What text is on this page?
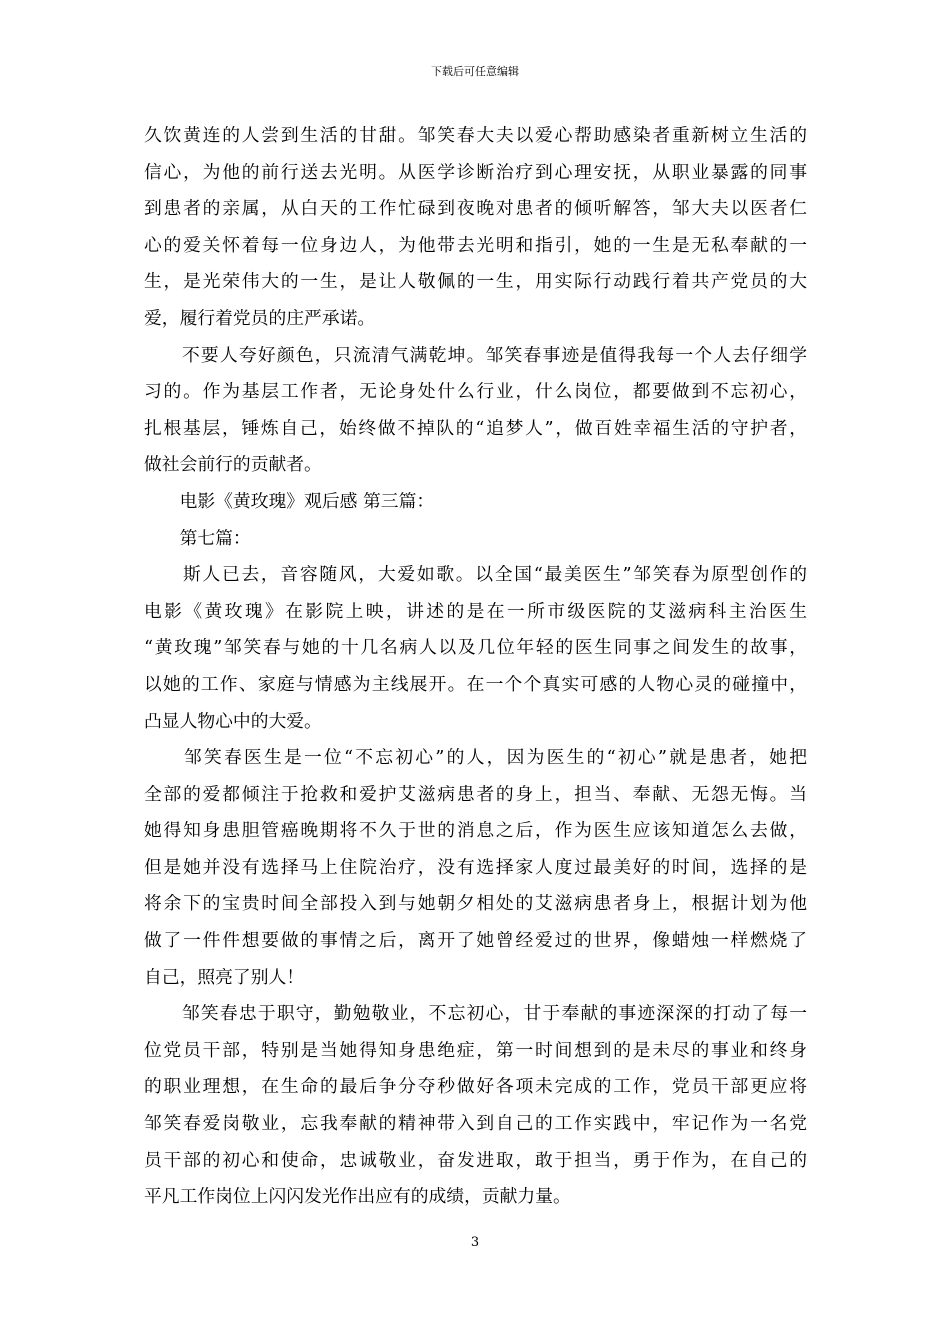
下载后可任意编辑
久饮黄连的人尝到生活的甘甜。邹笑春大夫以爱心帮助感染者重新树立生活的
信心，为他的前行送去光明。从医学诊断治疗到心理安抚，从职业暴露的同事
到患者的亲属，从白天的工作忙碌到夜晚对患者的倾听解答，邹大夫以医者仁
心的爱关怀着每一位身边人，为他带去光明和指引，她的一生是无私奉献的一
生，是光荣伟大的一生，是让人敬佩的一生，用实际行动践行着共产党员的大
爱，履行着党员的庄严承诺。
　　不要人夸好颜色，只流清气满乾坤。邹笑春事迹是值得我每一个人去仔细学
习的。作为基层工作者，无论身处什么行业，什么岗位，都要做到不忘初心，
扎根基层，锤炼自己，始终做不掉队的“追梦人”，做百姓幸福生活的守护者，
做社会前行的贡献者。
　　电影《黄玫瑰》观后感 第三篇：
　　第七篇：
　　斯人已去，音容随风，大爱如歌。以全国“最美医生”邹笑春为原型创作的
电影《黄玫瑰》在影院上映，讲述的是在一所市级医院的艾滋病科主治医生
“黄玫瑰”邹笑春与她的十几名病人以及几位年轻的医生同事之间发生的故事，
以她的工作、家庭与情感为主线展开。在一个个真实可感的人物心灵的碰撞中，
凸显人物心中的大爱。
　　邹笑春医生是一位“不忘初心”的人，因为医生的“初心”就是患者，她把
全部的爱都倾注于抢救和爱护艾滋病患者的身上，担当、奉献、无怨无悔。当
她得知身患胆管癌晚期将不久于世的消息之后，作为医生应该知道怎么去做，
但是她并没有选择马上住院治疗，没有选择家人度过最美好的时间，选择的是
将余下的宝贵时间全部投入到与她朝夕相处的艾滋病患者身上，根据计划为他
做了一件件想要做的事情之后，离开了她曾经爱过的世界，像蜡烛一样燃烧了
自己，照亮了别人！
　　邹笑春忠于职守，勤勉敬业，不忘初心，甘于奉献的事迹深深的打动了每一
位党员干部，特别是当她得知身患绝症，第一时间想到的是未尽的事业和终身
的职业理想，在生命的最后争分夺秒做好各项未完成的工作，党员干部更应将
邹笑春爱岗敬业，忘我奉献的精神带入到自己的工作实践中，牢记作为一名党
员干部的初心和使命，忠诚敬业，奋发进取，敢于担当，勇于作为，在自己的
平凡工作岗位上闪闪发光作出应有的成绩，贡献力量。
3
